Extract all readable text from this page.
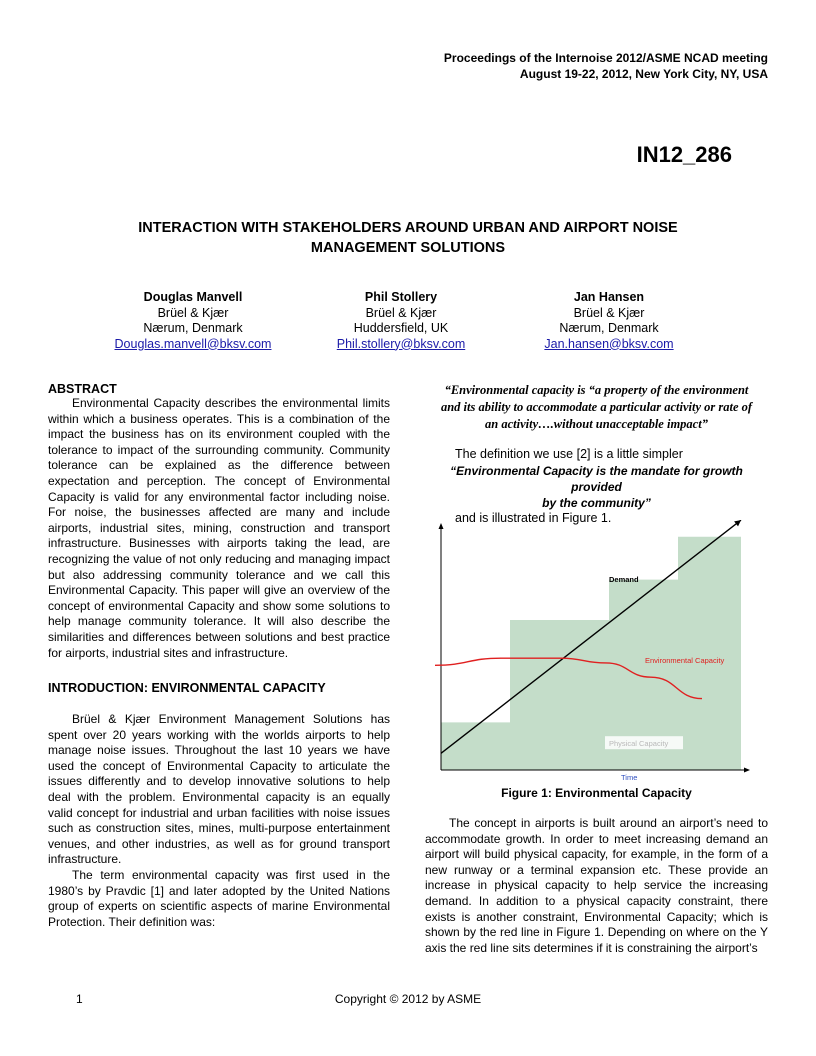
Proceedings of the Internoise 2012/ASME NCAD meeting
August 19-22, 2012, New York City, NY, USA
IN12_286
INTERACTION WITH STAKEHOLDERS AROUND URBAN AND AIRPORT NOISE
MANAGEMENT SOLUTIONS
Douglas Manvell
Brüel & Kjær
Nærum, Denmark
Douglas.manvell@bksv.com
Phil Stollery
Brüel & Kjær
Huddersfield, UK
Phil.stollery@bksv.com
Jan Hansen
Brüel & Kjær
Nærum, Denmark
Jan.hansen@bksv.com
ABSTRACT
Environmental Capacity describes the environmental limits within which a business operates. This is a combination of the impact the business has on its environment coupled with the tolerance to impact of the surrounding community. Community tolerance can be explained as the difference between expectation and perception. The concept of Environmental Capacity is valid for any environmental factor including noise. For noise, the businesses affected are many and include airports, industrial sites, mining, construction and transport infrastructure. Businesses with airports taking the lead, are recognizing the value of not only reducing and managing impact but also addressing community tolerance and we call this Environmental Capacity. This paper will give an overview of the concept of environmental Capacity and show some solutions to help manage community tolerance. It will also describe the similarities and differences between solutions and best practice for airports, industrial sites and infrastructure.
INTRODUCTION: ENVIRONMENTAL CAPACITY
Brüel & Kjær Environment Management Solutions has spent over 20 years working with the worlds airports to help manage noise issues. Throughout the last 10 years we have used the concept of Environmental Capacity to articulate the issues differently and to develop innovative solutions to help deal with the problem. Environmental capacity is an equally valid concept for industrial and urban facilities with noise issues such as construction sites, mines, multi-purpose entertainment venues, and other industries, as well as for ground transport infrastructure.
The term environmental capacity was first used in the 1980’s by Pravdic [1] and later adopted by the United Nations group of experts on scientific aspects of marine Environmental Protection. Their definition was:
“Environmental capacity is “a property of the environment
and its ability to accommodate a particular activity or rate of
an activity….without unacceptable impact”
The definition we use [2] is a little simpler
“Environmental Capacity is the mandate for growth provided
by the community”
and is illustrated in Figure 1.
Demand
Environmental Capacity
Physical Capacity
Time
Figure 1: Environmental Capacity
The concept in airports is built around an airport’s need to accommodate growth. In order to meet increasing demand an airport will build physical capacity, for example, in the form of a new runway or a terminal expansion etc. These provide an increase in physical capacity to help service the increasing demand. In addition to a physical capacity constraint, there exists is another constraint, Environmental Capacity; which is shown by the red line in Figure 1. Depending on where on the Y axis the red line sits determines if it is constraining the airport’s
1	Copyright © 2012 by ASME
